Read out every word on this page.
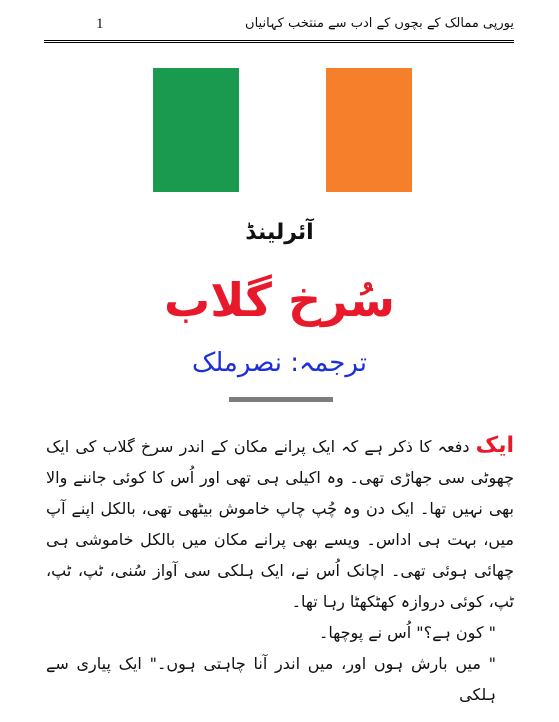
1	یورپی ممالک کے بچوں کے ادب سے منتخب کہانیاں
آئرلینڈ
سُرخ گلاب
ترجمہ: نصرملک

ایک دفعہ کا ذکر ہے کہ ایک پرانے مکان کے اندر سرخ گلاب کی ایک چھوٹی سی جھاڑی تھی۔ وہ اکیلی ہی تھی اور اُس کا کوئی جاننے والا بھی نہیں تھا۔ ایک دن وہ چُپ چاپ خاموش بیٹھی تھی، بالکل اپنے آپ میں، بہت ہی اداس۔ ویسے بھی پرانے مکان میں بالکل خاموشی ہی چھائی ہوئی تھی۔ اچانک اُس نے، ایک ہلکی سی آواز سُنی، ٹپ، ٹپ، ٹپ، کوئی دروازہ کھٹکھٹا رہا تھا۔

" کون ہے؟" اُس نے پوچھا۔

" میں بارش ہوں اور، میں اندر آنا چاہتی ہوں۔" ایک پیاری سے ہلکی
